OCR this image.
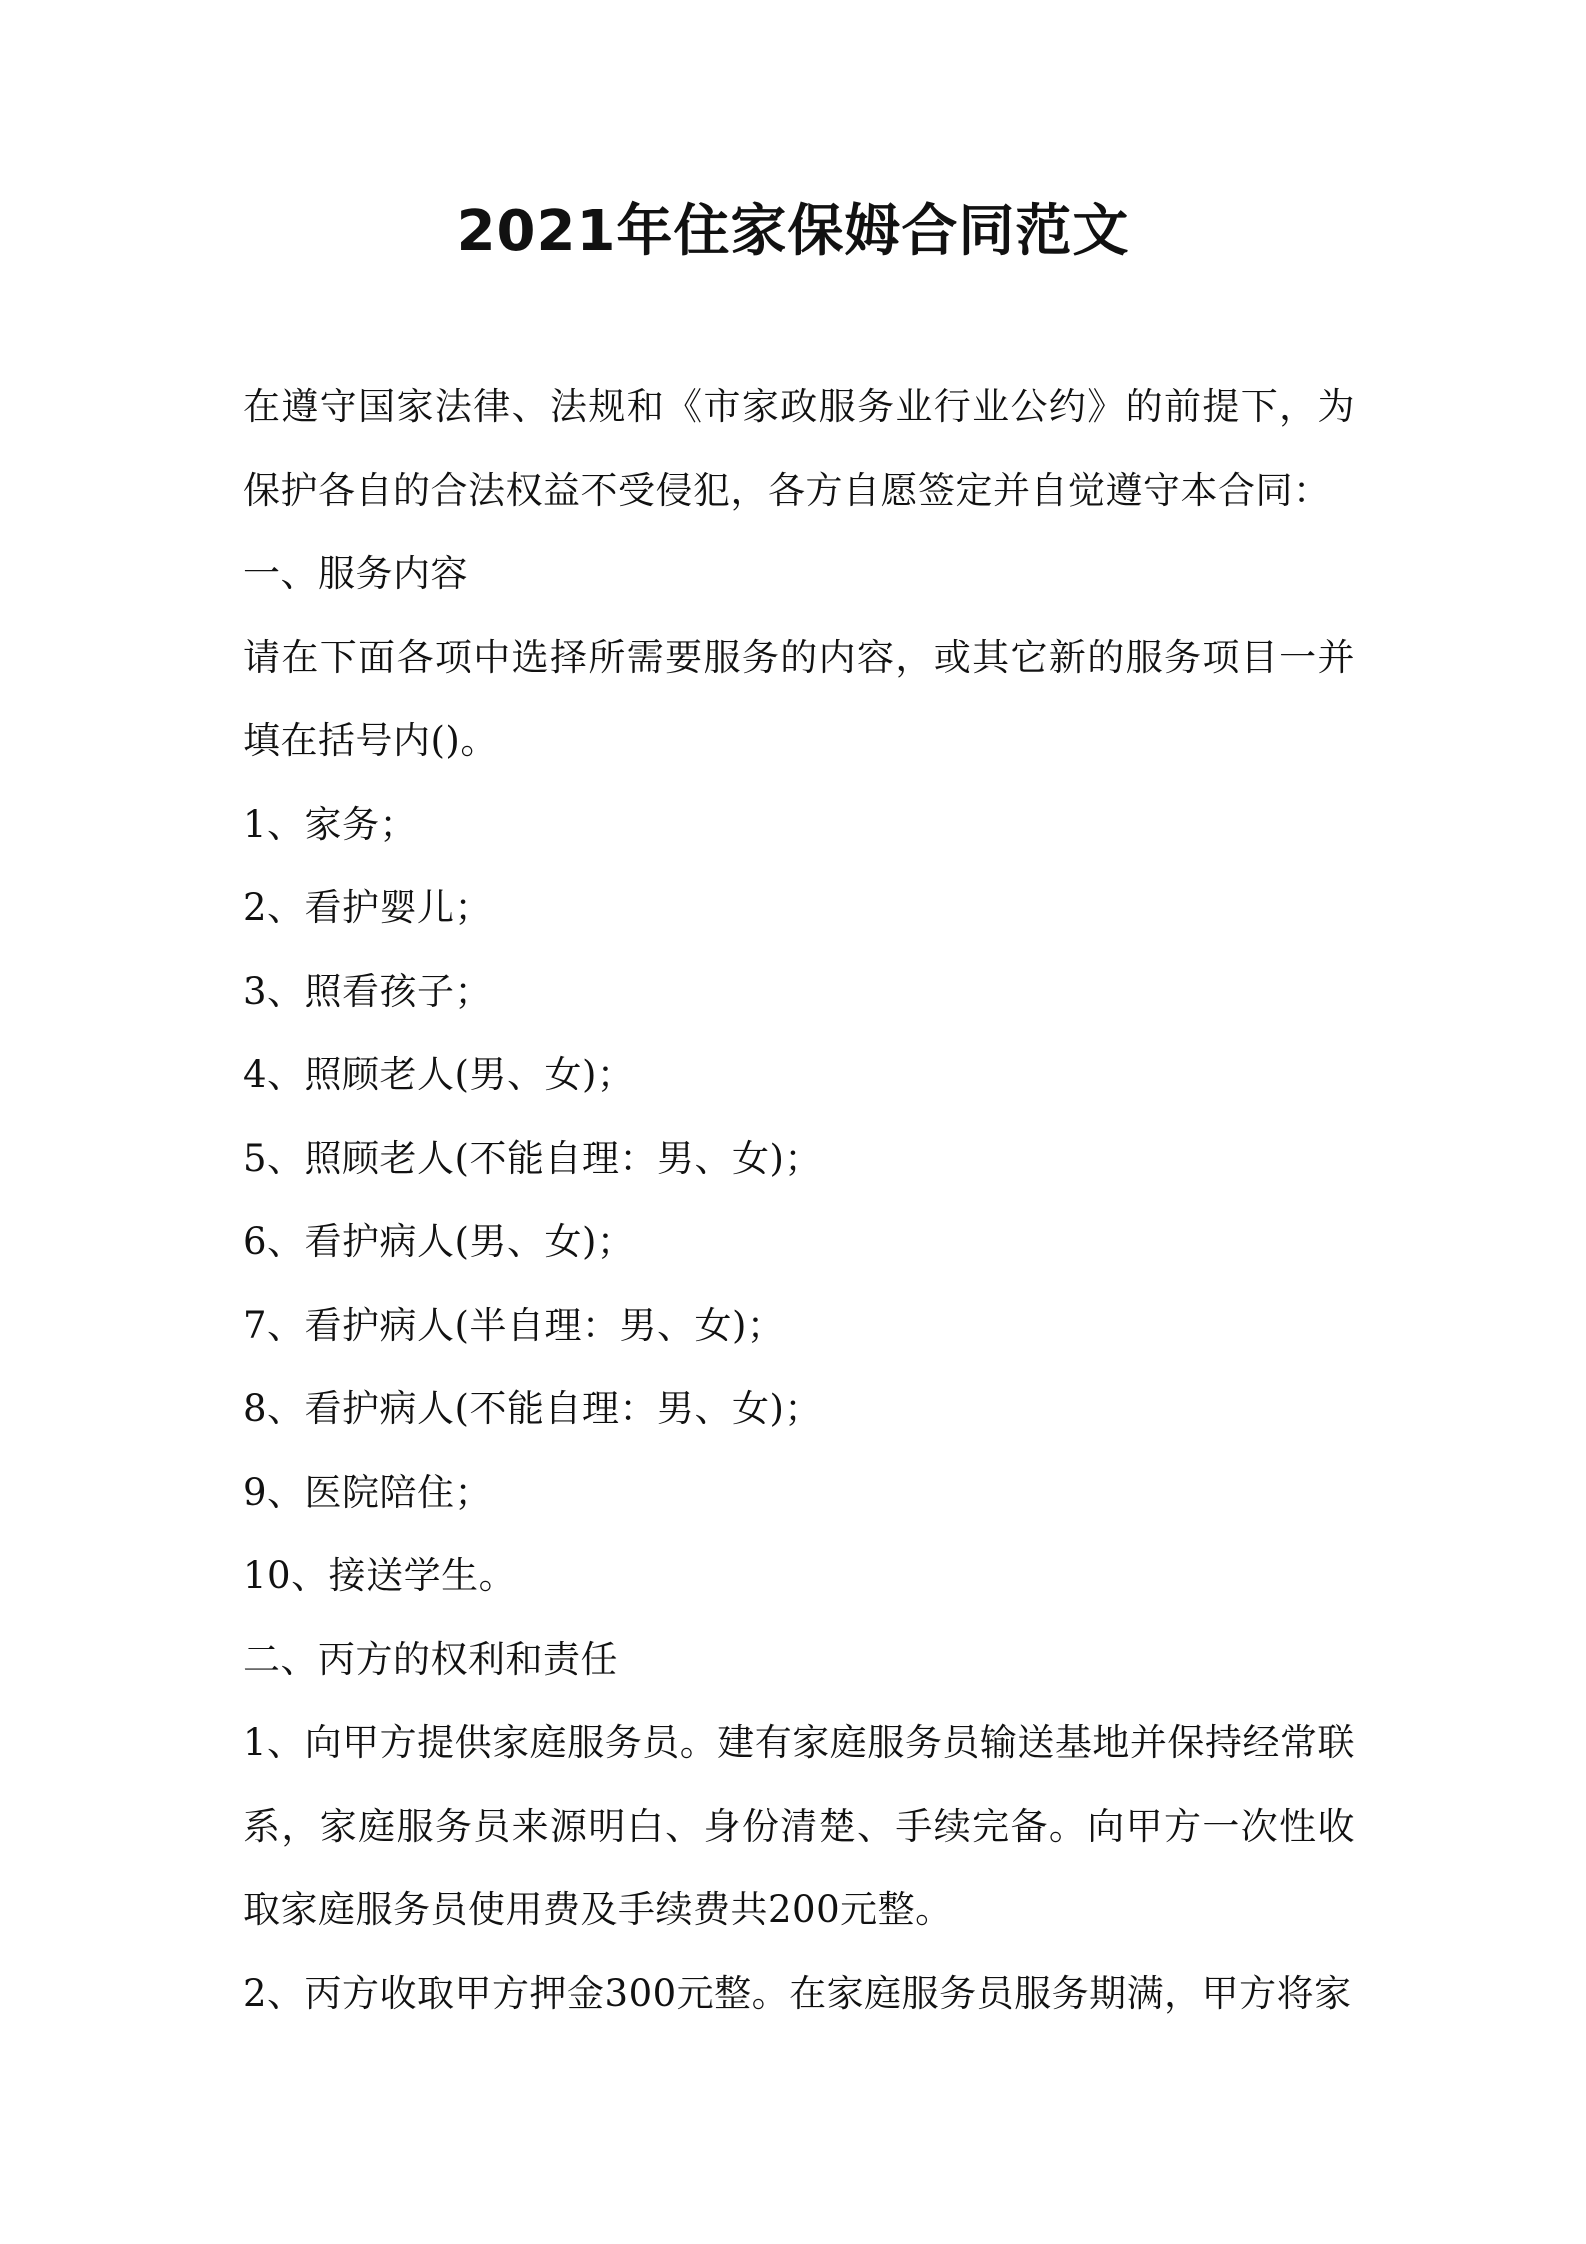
2021年住家保姆合同范文

在遵守国家法律、法规和《市家政服务业行业公约》的前提下，为保护各自的合法权益不受侵犯，各方自愿签定并自觉遵守本合同：

一、服务内容

请在下面各项中选择所需要服务的内容，或其它新的服务项目一并填在括号内()。

1、家务；

2、看护婴儿；

3、照看孩子；

4、照顾老人(男、女)；

5、照顾老人(不能自理：男、女)；

6、看护病人(男、女)；

7、看护病人(半自理：男、女)；

8、看护病人(不能自理：男、女)；

9、医院陪住；

10、接送学生。

二、丙方的权利和责任

1、向甲方提供家庭服务员。建有家庭服务员输送基地并保持经常联系，家庭服务员来源明白、身份清楚、手续完备。向甲方一次性收取家庭服务员使用费及手续费共200元整。

2、丙方收取甲方押金300元整。在家庭服务员服务期满，甲方将家
